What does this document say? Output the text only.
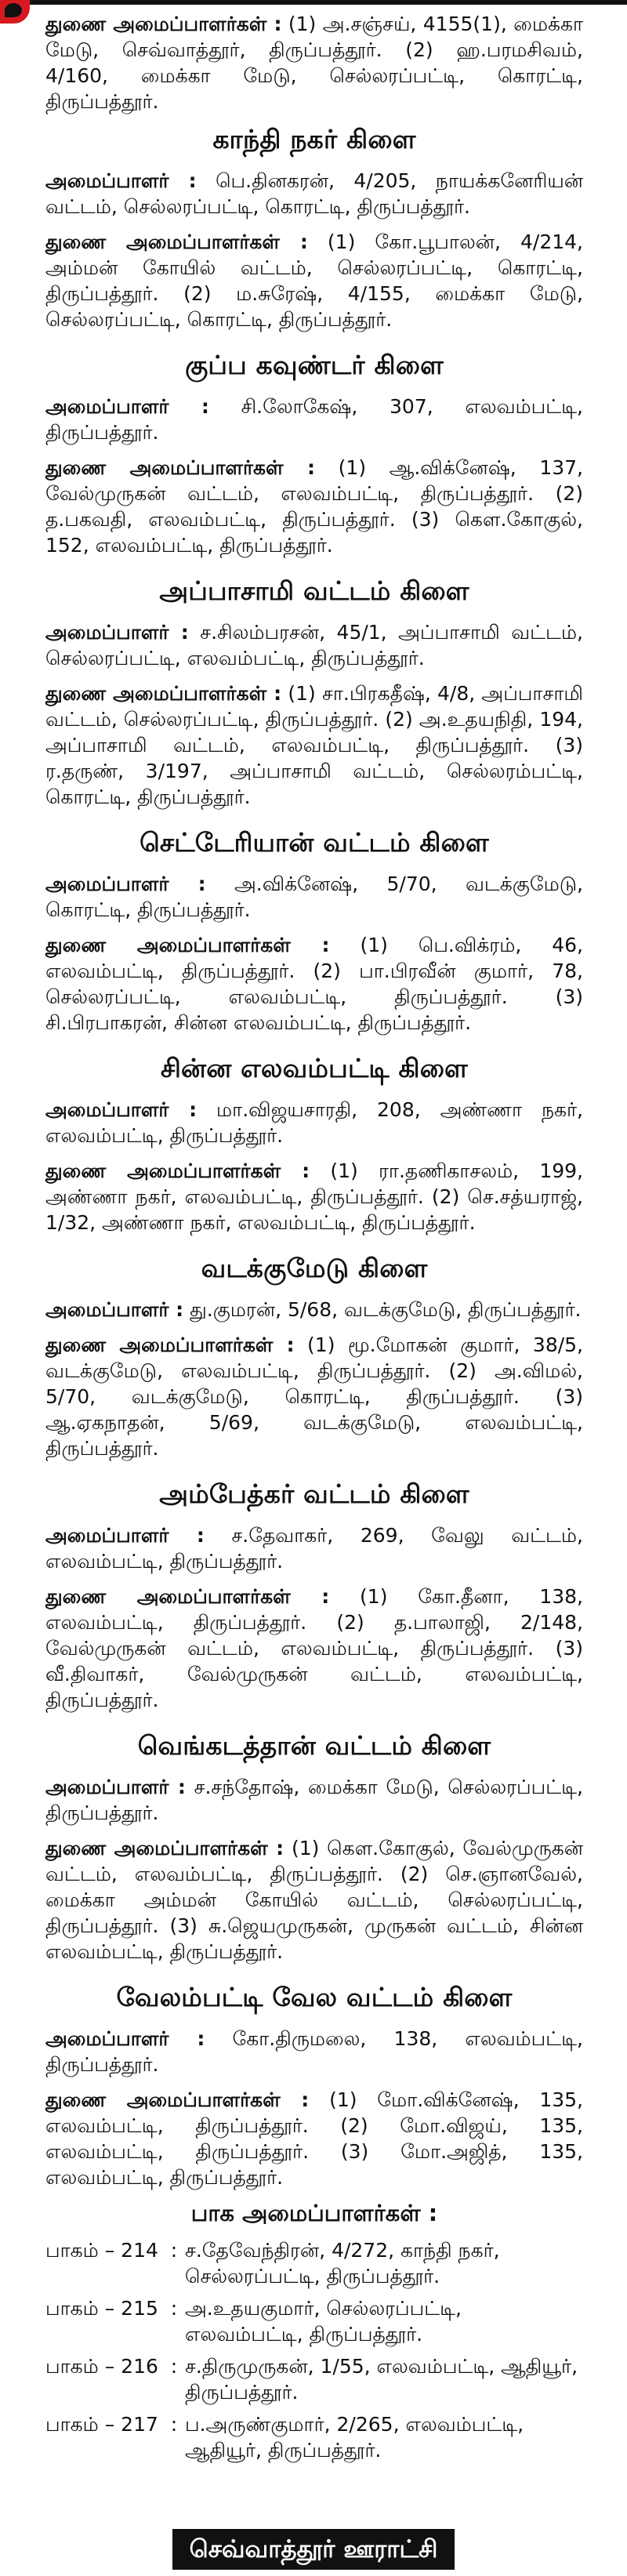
துணை அமைப்பாளர்கள் : (1) அ.சஞ்சய், 4155(1), மைக்கா மேடு, செவ்வாத்தூர், திருப்பத்தூர். (2) ஹ.பரமசிவம், 4/160, மைக்கா மேடு, செல்லரப்பட்டி, கொரட்டி, திருப்பத்தூர்.

காந்தி நகர் கிளை

அமைப்பாளர் : பெ.தினகரன், 4/205, நாயக்கனேரியன் வட்டம், செல்லரப்பட்டி, கொரட்டி, திருப்பத்தூர்.

துணை அமைப்பாளர்கள் : (1) கோ.பூபாலன், 4/214, அம்மன் கோயில் வட்டம், செல்லரப்பட்டி, கொரட்டி, திருப்பத்தூர். (2) ம.சுரேஷ், 4/155, மைக்கா மேடு, செல்லரப்பட்டி, கொரட்டி, திருப்பத்தூர்.

குப்ப கவுண்டர் கிளை

அமைப்பாளர் : சி.லோகேஷ், 307, எலவம்பட்டி, திருப்பத்தூர்.

துணை அமைப்பாளர்கள் : (1) ஆ.விக்னேஷ், 137, வேல்முருகன் வட்டம், எலவம்பட்டி, திருப்பத்தூர். (2) த.பகவதி, எலவம்பட்டி, திருப்பத்தூர். (3) கௌ.கோகுல், 152, எலவம்பட்டி, திருப்பத்தூர்.

அப்பாசாமி வட்டம் கிளை

அமைப்பாளர் : ச.சிலம்பரசன், 45/1, அப்பாசாமி வட்டம், செல்லரப்பட்டி, எலவம்பட்டி, திருப்பத்தூர்.

துணை அமைப்பாளர்கள் : (1) சா.பிரகதீஷ், 4/8, அப்பாசாமி வட்டம், செல்லரப்பட்டி, திருப்பத்தூர். (2) அ.உதயநிதி, 194, அப்பாசாமி வட்டம், எலவம்பட்டி, திருப்பத்தூர். (3) ர.தருண், 3/197, அப்பாசாமி வட்டம், செல்லரம்பட்டி, கொரட்டி, திருப்பத்தூர்.

செட்டேரியான் வட்டம் கிளை

அமைப்பாளர் : அ.விக்னேஷ், 5/70, வடக்குமேடு, கொரட்டி, திருப்பத்தூர்.

துணை அமைப்பாளர்கள் : (1) பெ.விக்ரம், 46, எலவம்பட்டி, திருப்பத்தூர். (2) பா.பிரவீன் குமார், 78, செல்லரப்பட்டி, எலவம்பட்டி, திருப்பத்தூர். (3) சி.பிரபாகரன், சின்ன எலவம்பட்டி, திருப்பத்தூர்.

சின்ன எலவம்பட்டி கிளை

அமைப்பாளர் : மா.விஜயசாரதி, 208, அண்ணா நகர், எலவம்பட்டி, திருப்பத்தூர்.

துணை அமைப்பாளர்கள் : (1) ரா.தணிகாசலம், 199, அண்ணா நகர், எலவம்பட்டி, திருப்பத்தூர். (2) செ.சத்யராஜ், 1/32, அண்ணா நகர், எலவம்பட்டி, திருப்பத்தூர்.

வடக்குமேடு கிளை

அமைப்பாளர் : து.குமரன், 5/68, வடக்குமேடு, திருப்பத்தூர்.

துணை அமைப்பாளர்கள் : (1) மூ.மோகன் குமார், 38/5, வடக்குமேடு, எலவம்பட்டி, திருப்பத்தூர். (2) அ.விமல், 5/70, வடக்குமேடு, கொரட்டி, திருப்பத்தூர். (3) ஆ.ஏகநாதன், 5/69, வடக்குமேடு, எலவம்பட்டி, திருப்பத்தூர்.

அம்பேத்கர் வட்டம் கிளை

அமைப்பாளர் : ச.தேவாகர், 269, வேலு வட்டம், எலவம்பட்டி, திருப்பத்தூர்.

துணை அமைப்பாளர்கள் : (1) கோ.தீனா, 138, எலவம்பட்டி, திருப்பத்தூர். (2) த.பாலாஜி, 2/148, வேல்முருகன் வட்டம், எலவம்பட்டி, திருப்பத்தூர். (3) வீ.திவாகர், வேல்முருகன் வட்டம், எலவம்பட்டி, திருப்பத்தூர்.

வெங்கடத்தான் வட்டம் கிளை

அமைப்பாளர் : ச.சந்தோஷ், மைக்கா மேடு, செல்லரப்பட்டி, திருப்பத்தூர்.

துணை அமைப்பாளர்கள் : (1) கௌ.கோகுல், வேல்முருகன் வட்டம், எலவம்பட்டி, திருப்பத்தூர். (2) செ.ஞானவேல், மைக்கா அம்மன் கோயில் வட்டம், செல்லரப்பட்டி, திருப்பத்தூர். (3) சு.ஜெயமுருகன், முருகன் வட்டம், சின்ன எலவம்பட்டி, திருப்பத்தூர்.

வேலம்பட்டி வேல வட்டம் கிளை

அமைப்பாளர் : கோ.திருமலை, 138, எலவம்பட்டி, திருப்பத்தூர்.

துணை அமைப்பாளர்கள் : (1) மோ.விக்னேஷ், 135, எலவம்பட்டி, திருப்பத்தூர். (2) மோ.விஜய், 135, எலவம்பட்டி, திருப்பத்தூர். (3) மோ.அஜித், 135, எலவம்பட்டி, திருப்பத்தூர்.

பாக அமைப்பாளர்கள் :
பாகம் – 214 : ச.தேவேந்திரன், 4/272, காந்தி நகர், செல்லரப்பட்டி, திருப்பத்தூர்.
பாகம் – 215 : அ.உதயகுமார், செல்லரப்பட்டி, எலவம்பட்டி, திருப்பத்தூர்.
பாகம் – 216 : ச.திருமுருகன், 1/55, எலவம்பட்டி, ஆதியூர், திருப்பத்தூர்.
பாகம் – 217 : ப.அருண்குமார், 2/265, எலவம்பட்டி, ஆதியூர், திருப்பத்தூர்.
செவ்வாத்தூர் ஊராட்சி
